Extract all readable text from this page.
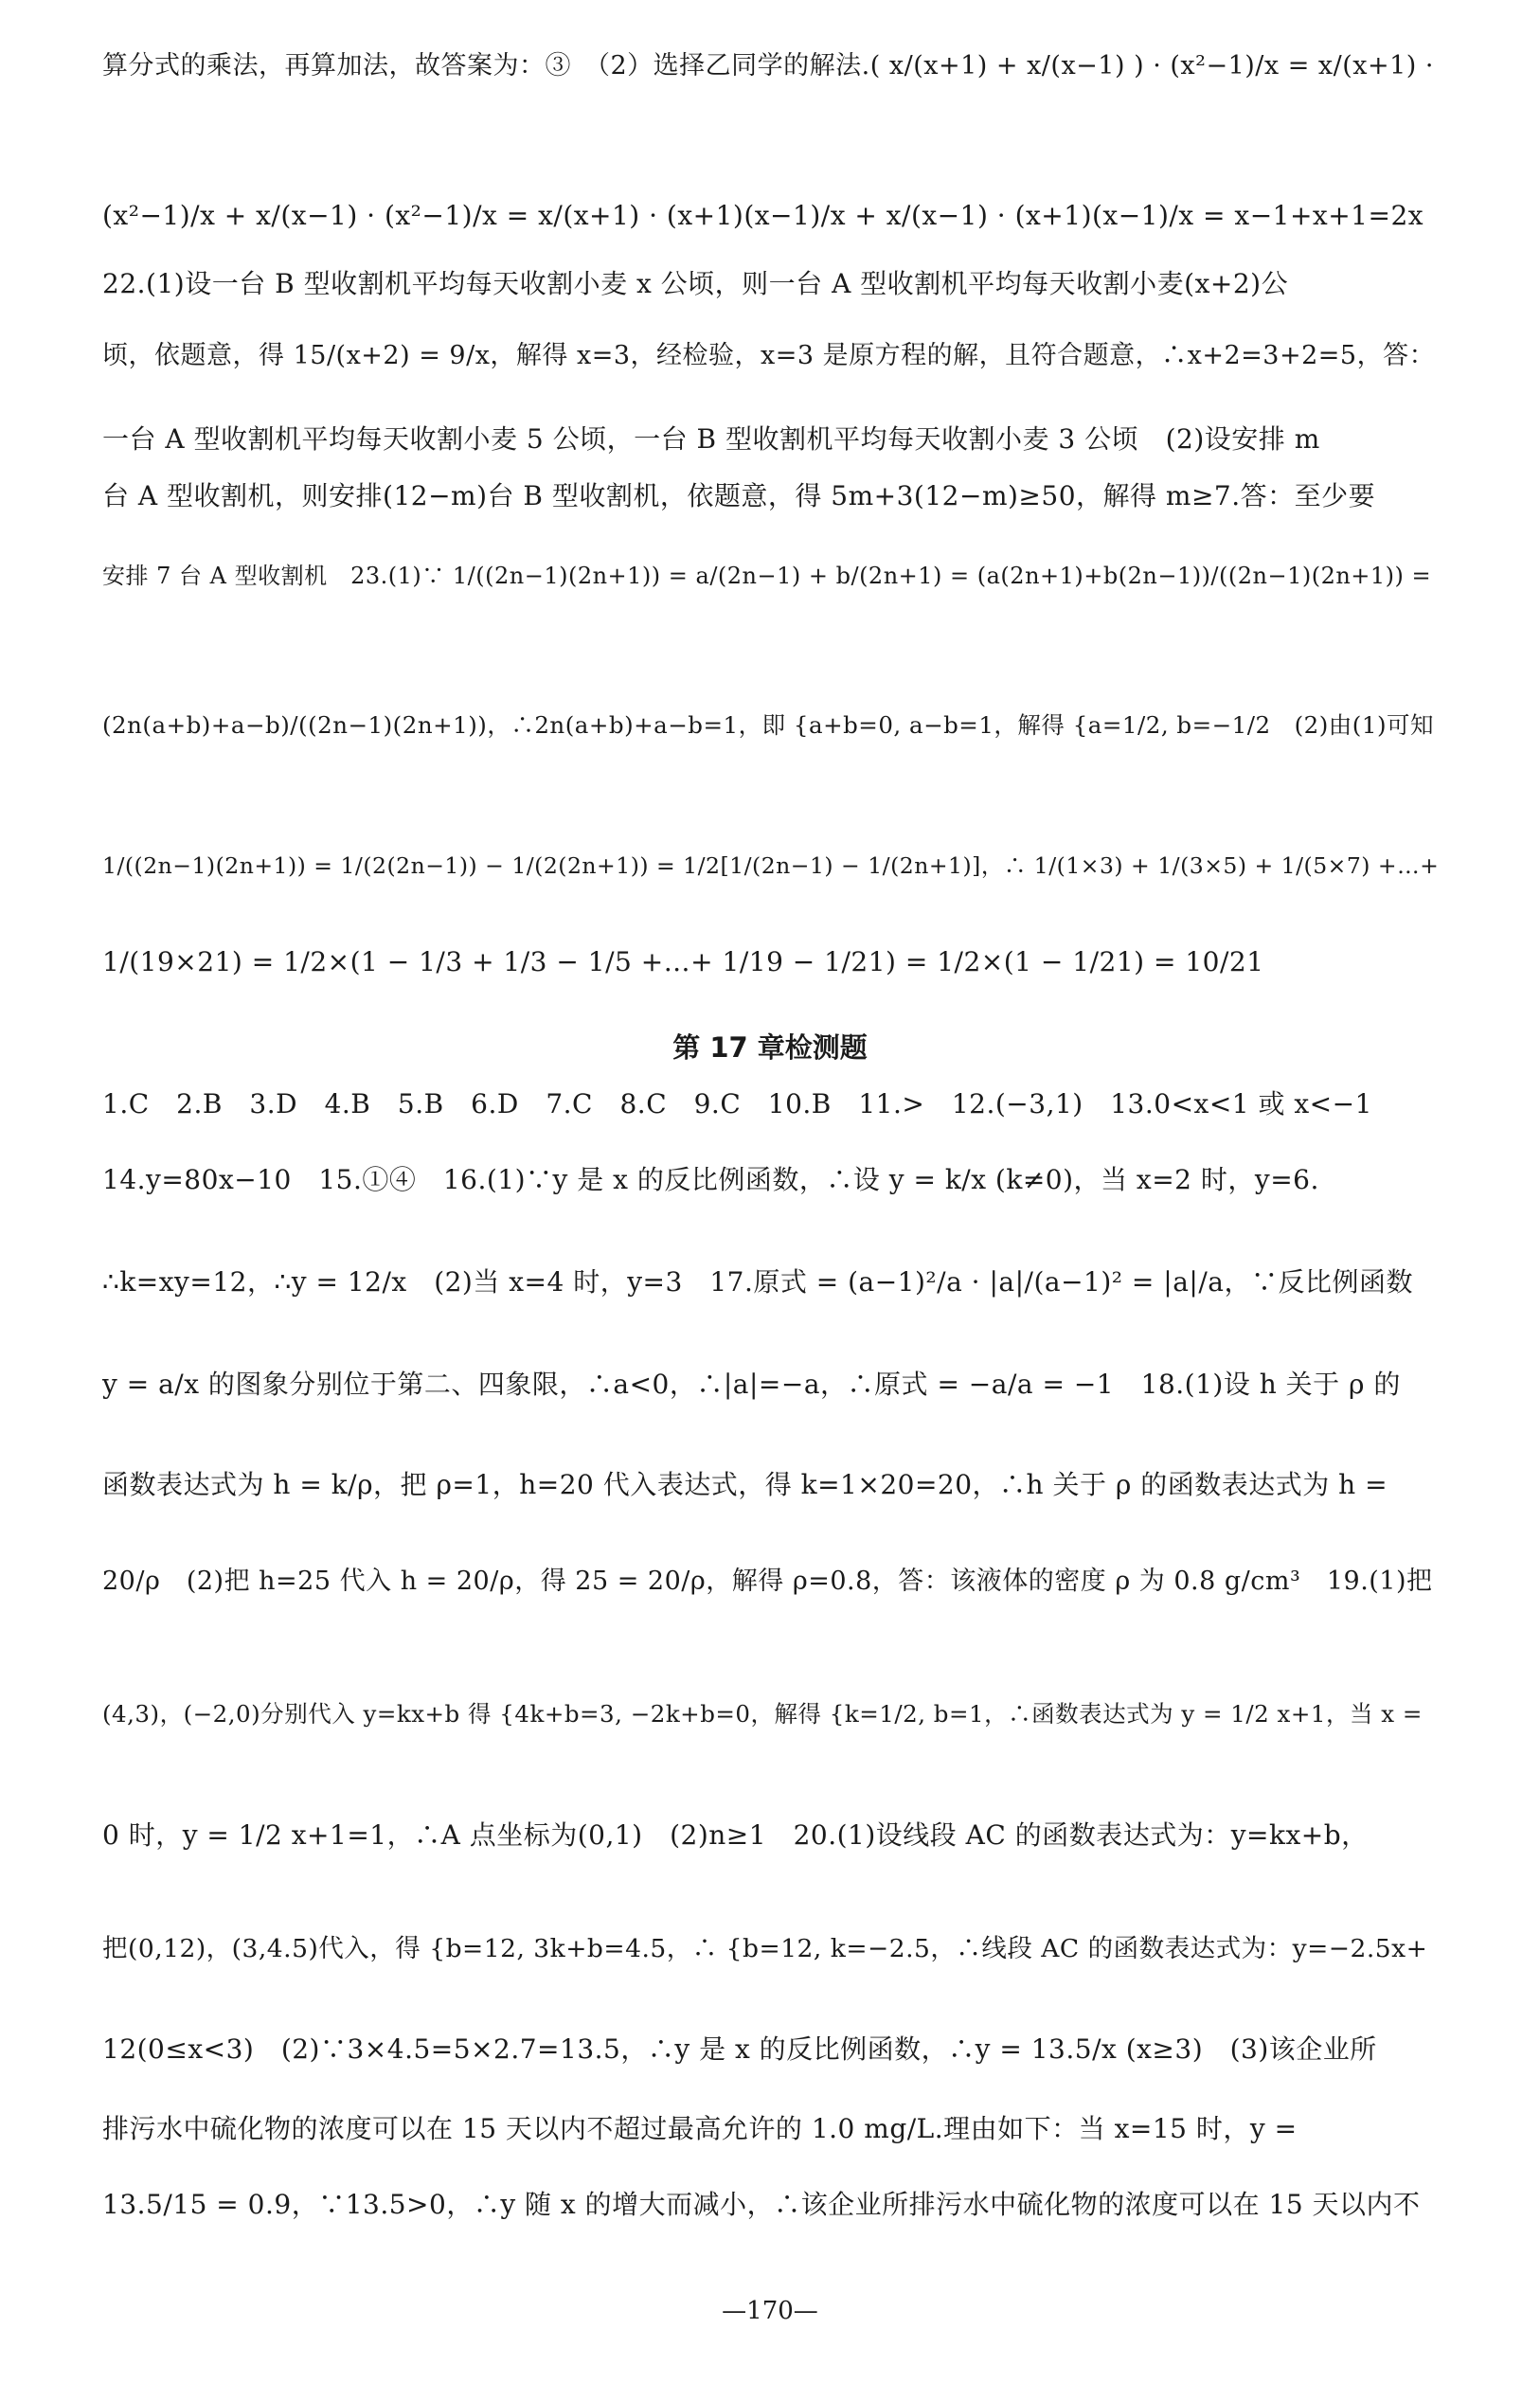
算分式的乘法，再算加法，故答案为：③　（2）选择乙同学的解法.( x/(x+1) + x/(x−1) ) · (x²−1)/x = x/(x+1) ·
(x²−1)/x + x/(x−1) · (x²−1)/x = x/(x+1) · (x+1)(x−1)/x + x/(x−1) · (x+1)(x−1)/x = x−1+x+1=2x
22.(1)设一台 B 型收割机平均每天收割小麦 x 公顷，则一台 A 型收割机平均每天收割小麦(x+2)公
顷，依题意，得 15/(x+2) = 9/x，解得 x=3，经检验，x=3 是原方程的解，且符合题意，∴x+2=3+2=5，答：
一台 A 型收割机平均每天收割小麦 5 公顷，一台 B 型收割机平均每天收割小麦 3 公顷　(2)设安排 m
台 A 型收割机，则安排(12−m)台 B 型收割机，依题意，得 5m+3(12−m)≥50，解得 m≥7.答：至少要
安排 7 台 A 型收割机　23.(1)∵ 1/((2n−1)(2n+1)) = a/(2n−1) + b/(2n+1) = (a(2n+1)+b(2n−1))/((2n−1)(2n+1)) =
(2n(a+b)+a−b)/((2n−1)(2n+1))，∴2n(a+b)+a−b=1，即 {a+b=0, a−b=1，解得 {a=1/2, b=−1/2　(2)由(1)可知
1/((2n−1)(2n+1)) = 1/(2(2n−1)) − 1/(2(2n+1)) = 1/2[1/(2n−1) − 1/(2n+1)]，∴ 1/(1×3) + 1/(3×5) + 1/(5×7) +…+
1/(19×21) = 1/2×(1 − 1/3 + 1/3 − 1/5 +…+ 1/19 − 1/21) = 1/2×(1 − 1/21) = 10/21
第 17 章检测题
1.C　2.B　3.D　4.B　5.B　6.D　7.C　8.C　9.C　10.B　11.>　12.(−3,1)　13.0<x<1 或 x<−1
14.y=80x−10　15.①④　16.(1)∵y 是 x 的反比例函数，∴设 y = k/x (k≠0)，当 x=2 时，y=6.
∴k=xy=12，∴y = 12/x　(2)当 x=4 时，y=3　17.原式 = (a−1)²/a · |a|/(a−1)² = |a|/a，∵反比例函数
y = a/x 的图象分别位于第二、四象限，∴a<0，∴|a|=−a，∴原式 = −a/a = −1　18.(1)设 h 关于 ρ 的
函数表达式为 h = k/ρ，把 ρ=1，h=20 代入表达式，得 k=1×20=20，∴h 关于 ρ 的函数表达式为 h =
20/ρ　(2)把 h=25 代入 h = 20/ρ，得 25 = 20/ρ，解得 ρ=0.8，答：该液体的密度 ρ 为 0.8 g/cm³　19.(1)把
(4,3)，(−2,0)分别代入 y=kx+b 得 {4k+b=3, −2k+b=0，解得 {k=1/2, b=1，∴函数表达式为 y = 1/2 x+1，当 x =
0 时，y = 1/2 x+1=1，∴A 点坐标为(0,1)　(2)n≥1　20.(1)设线段 AC 的函数表达式为：y=kx+b，
把(0,12)，(3,4.5)代入，得 {b=12, 3k+b=4.5，∴ {b=12, k=−2.5，∴线段 AC 的函数表达式为：y=−2.5x+
12(0≤x<3)　(2)∵3×4.5=5×2.7=13.5，∴y 是 x 的反比例函数，∴y = 13.5/x (x≥3)　(3)该企业所
排污水中硫化物的浓度可以在 15 天以内不超过最高允许的 1.0 mg/L.理由如下：当 x=15 时，y =
13.5/15 = 0.9，∵13.5>0，∴y 随 x 的增大而减小，∴该企业所排污水中硫化物的浓度可以在 15 天以内不
—170—
